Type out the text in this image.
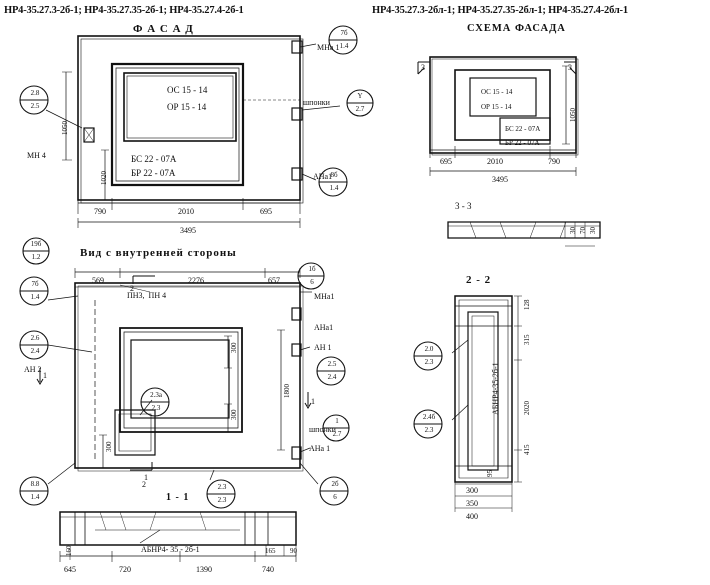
НР4-35.27.3-2б-1; НР4-35.27.35-2б-1; НР4-35.27.4-2б-1	НР4-35.27.3-2бл-1; НР4-35.27.35-2бл-1; НР4-35.27.4-2бл-1
Ф А С А Д
ОС 15 - 14
ОР 15 - 14
БС 22 - 07А
БР 22 - 07А
МН 4
МНа 1
АНа1
шпонки
790	2010	695
3495
1050
1020
СХЕМА ФАСАДА
ОС 15 - 14
ОР 15 - 14
БС 22 - 07А
БР 22 - 07А
695	2010	790
3495
1050
3	3
3 - 3
30 70 30
Вид с внутренней стороны
ПН3,  ПН 4	МНа1
АНа1
АН 1
АН 2
шпонки
АНа 1
569	2276	657
1800
300
300
300
1
1
1
2
2
1 - 1
АБНР4- 35 - 2б-1
645	720	1390	740
160	165 90
2 - 2
АБНР4-35-2б-1
128
315
2020
415
95
300
350
400
2.8
2.5
7б
1.4
Y
2.7
8б
1.4
19б
1.2
7б
1.4
2.6
2.4
1б
6
2.5
2.4
1
2.7
2.3а
2.3
8.8
1.4
2б
6
2.3
2.3
2.0
2.3
2.4б
2.3
